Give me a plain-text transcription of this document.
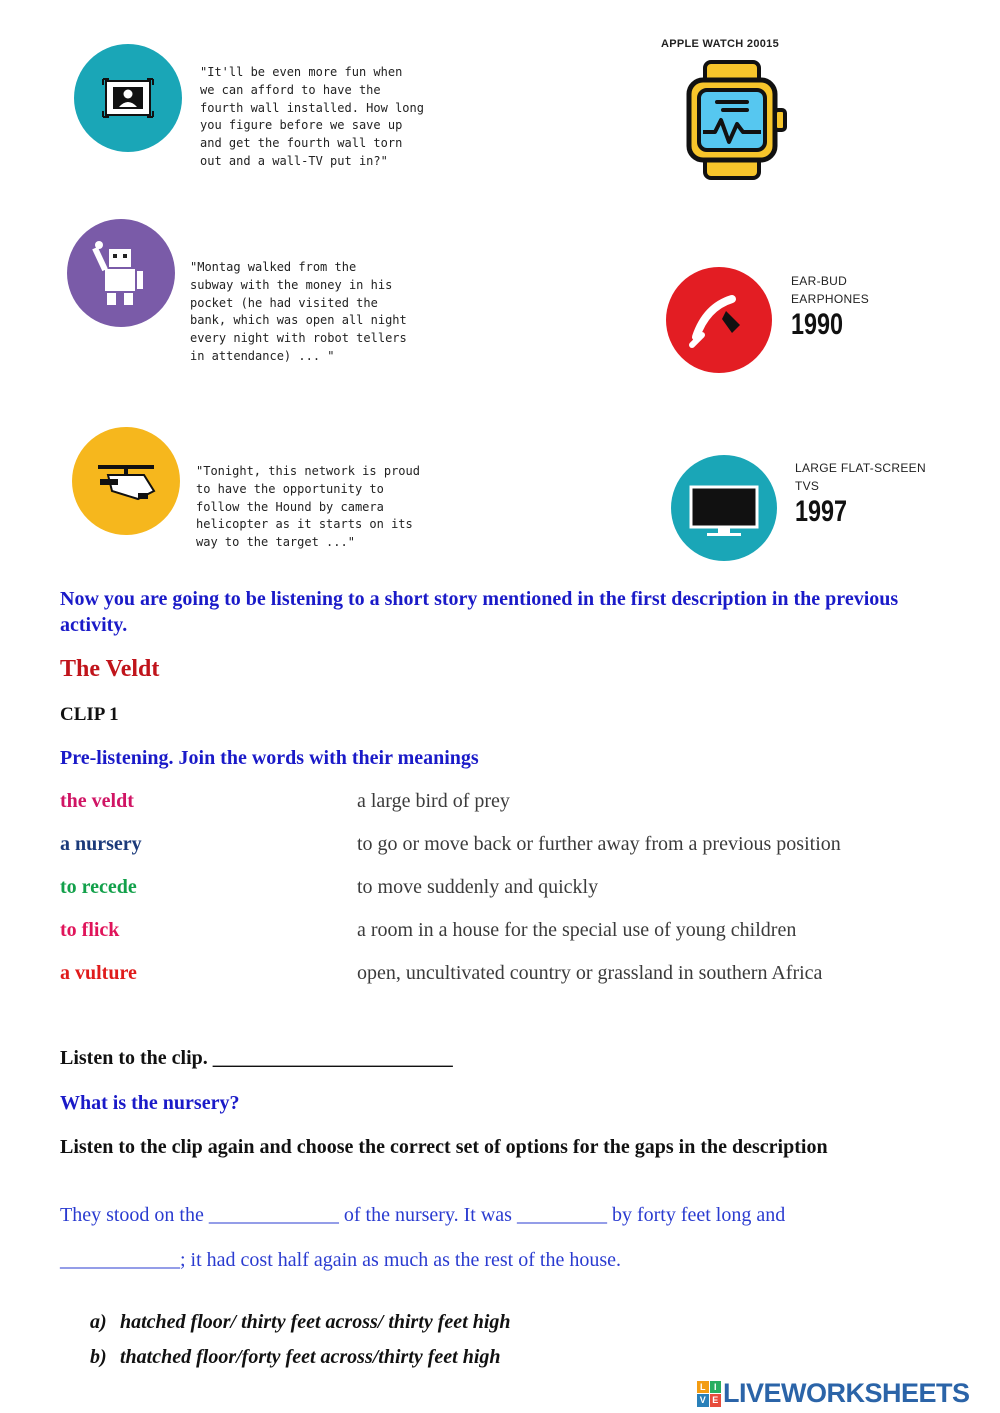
"It'll be even more fun when
we can afford to have the
fourth wall installed. How long
you figure before we save up
and get the fourth wall torn
out and a wall-TV put in?"

"Montag walked from the
subway with the money in his
pocket (he had visited the
bank, which was open all night
every night with robot tellers
in attendance) ... "

"Tonight, this network is proud
to have the opportunity to
follow the Hound by camera
helicopter as it starts on its
way to the target ..."

APPLE WATCH 20015
EAR-BUD
EARPHONES
1990
LARGE FLAT-SCREEN
TVS
1997

Now you are going to be listening to a short story mentioned in the first description in the previous activity.

The Veldt

CLIP 1

Pre-listening. Join the words with their meanings

the veldt	a large bird of prey
a nursery	to go or move back or further away from a previous position
to recede	to move suddenly and quickly
to flick	a room in a house for the special use of young children
a vulture	open, uncultivated country or grassland in southern Africa

Listen to the clip. ________________________

What is the nursery?

Listen to the clip again and choose the correct set of options for the gaps in the description

They stood on the _____________ of the nursery. It was _________ by forty feet long and

____________; it had cost half again as much as the rest of the house.

a) hatched floor/ thirty feet across/ thirty feet high
b) thatched floor/forty feet across/thirty feet high
L I
V E LIVEWORKSHEETS
